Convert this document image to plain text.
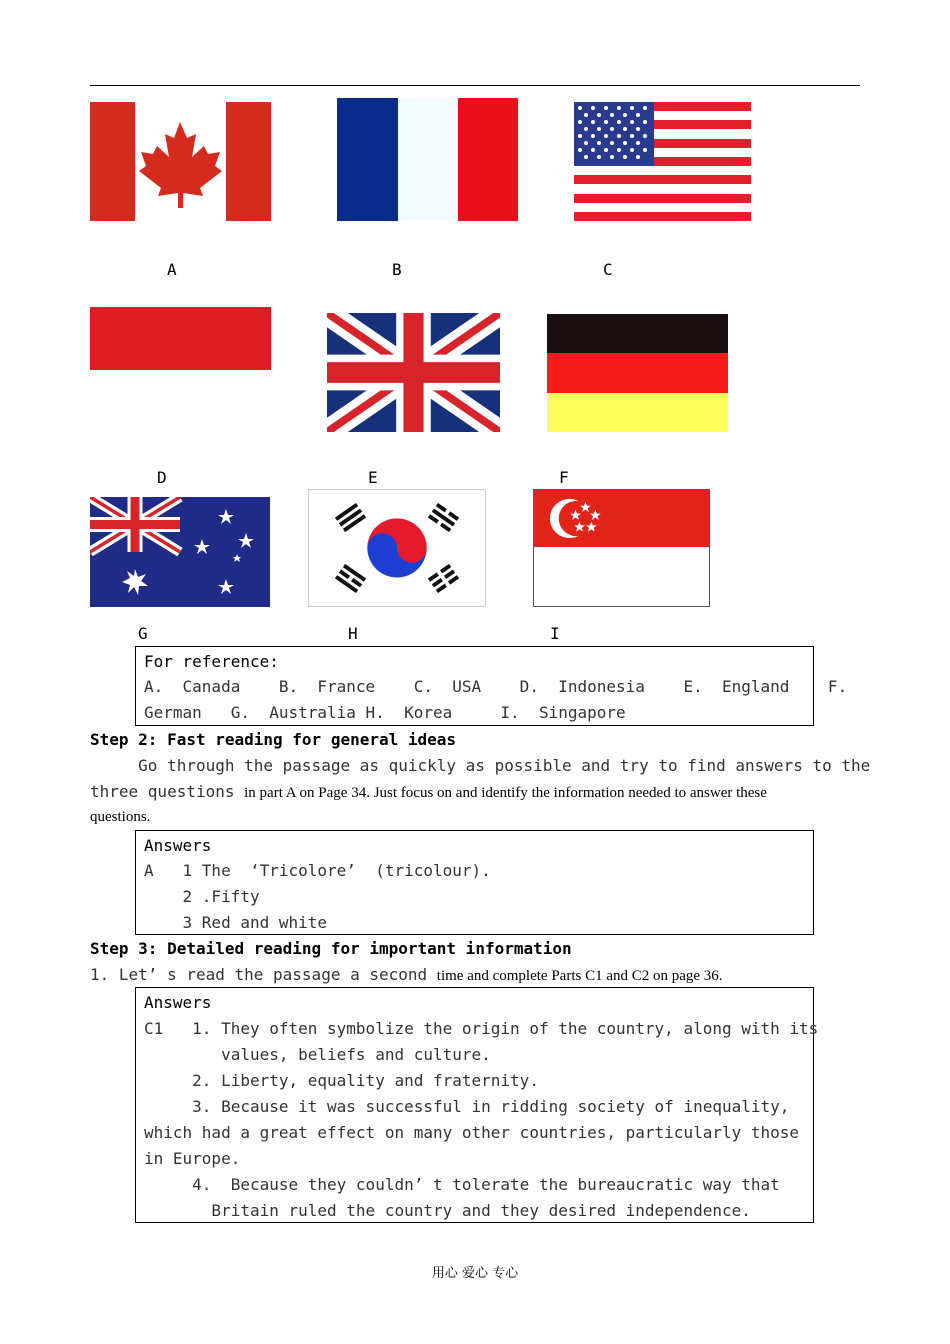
A	B	C
D	E	F
G	H	I
For reference:
A.  Canada    B.  France    C.  USA    D.  Indonesia    E.  England    F.
German   G.  Australia H.  Korea     I.  Singapore
Step 2: Fast reading for general ideas
Go through the passage as quickly as possible and try to find answers to the
three questions in part A on Page 34. Just focus on and identify the information needed to answer these
questions.
Answers
A   1 The  ‘Tricolore’  (tricolour).
2 .Fifty
3 Red and white
Step 3: Detailed reading for important information
1. Let’ s read the passage a second time and complete Parts C1 and C2 on page 36.
Answers
C1   1. They often symbolize the origin of the country, along with its
values, beliefs and culture.
2. Liberty, equality and fraternity.
3. Because it was successful in ridding society of inequality,
which had a great effect on many other countries, particularly those
in Europe.
4.  Because they couldn’ t tolerate the bureaucratic way that
Britain ruled the country and they desired independence.
用心 爱心 专心
